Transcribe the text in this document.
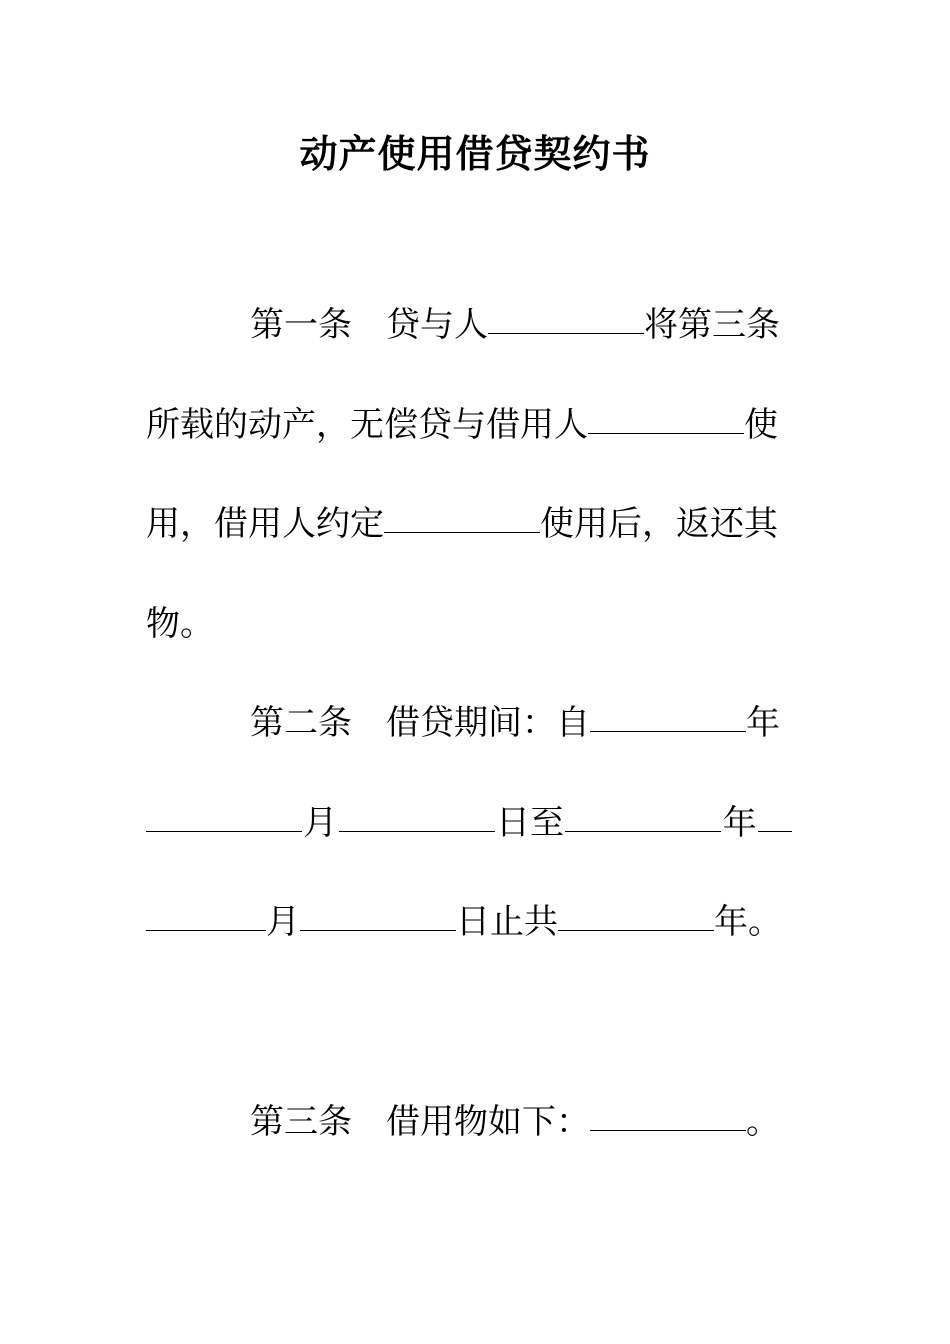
动产使用借贷契约书
第一条 贷与人	将第三条
所载的动产，无偿贷与借用人	使
用，借用人约定	使用后，返还其
物。
第二条 借贷期间：自	年
月	日至	年
月	日止共	年。
第三条 借用物如下：	。
